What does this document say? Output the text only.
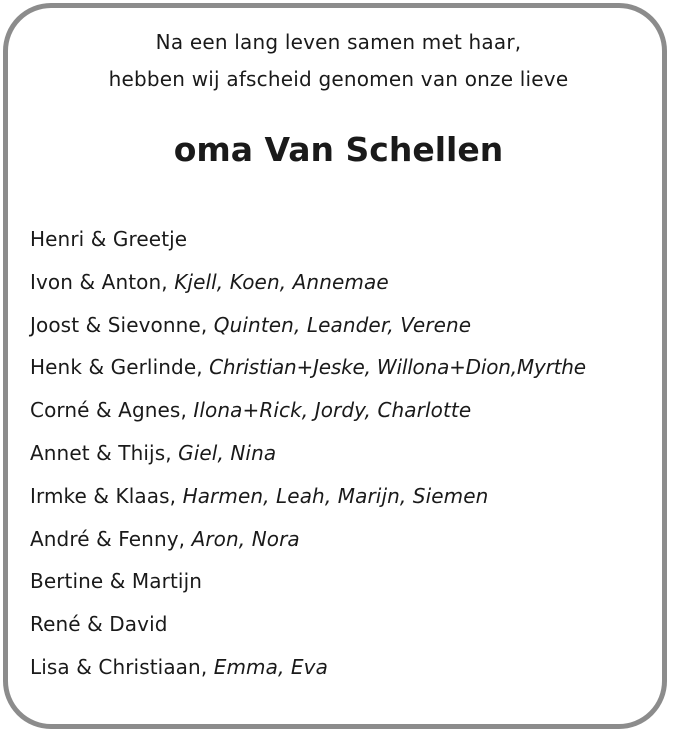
Na een lang leven samen met haar,
hebben wij afscheid genomen van onze lieve
oma Van Schellen
Henri & Greetje
Ivon & Anton, Kjell, Koen, Annemae
Joost & Sievonne, Quinten, Leander, Verene
Henk & Gerlinde, Christian+Jeske, Willona+Dion,Myrthe
Corné & Agnes, Ilona+Rick, Jordy, Charlotte
Annet & Thijs, Giel, Nina
Irmke & Klaas, Harmen, Leah, Marijn, Siemen
André & Fenny, Aron, Nora
Bertine & Martijn
René & David
Lisa & Christiaan, Emma, Eva
